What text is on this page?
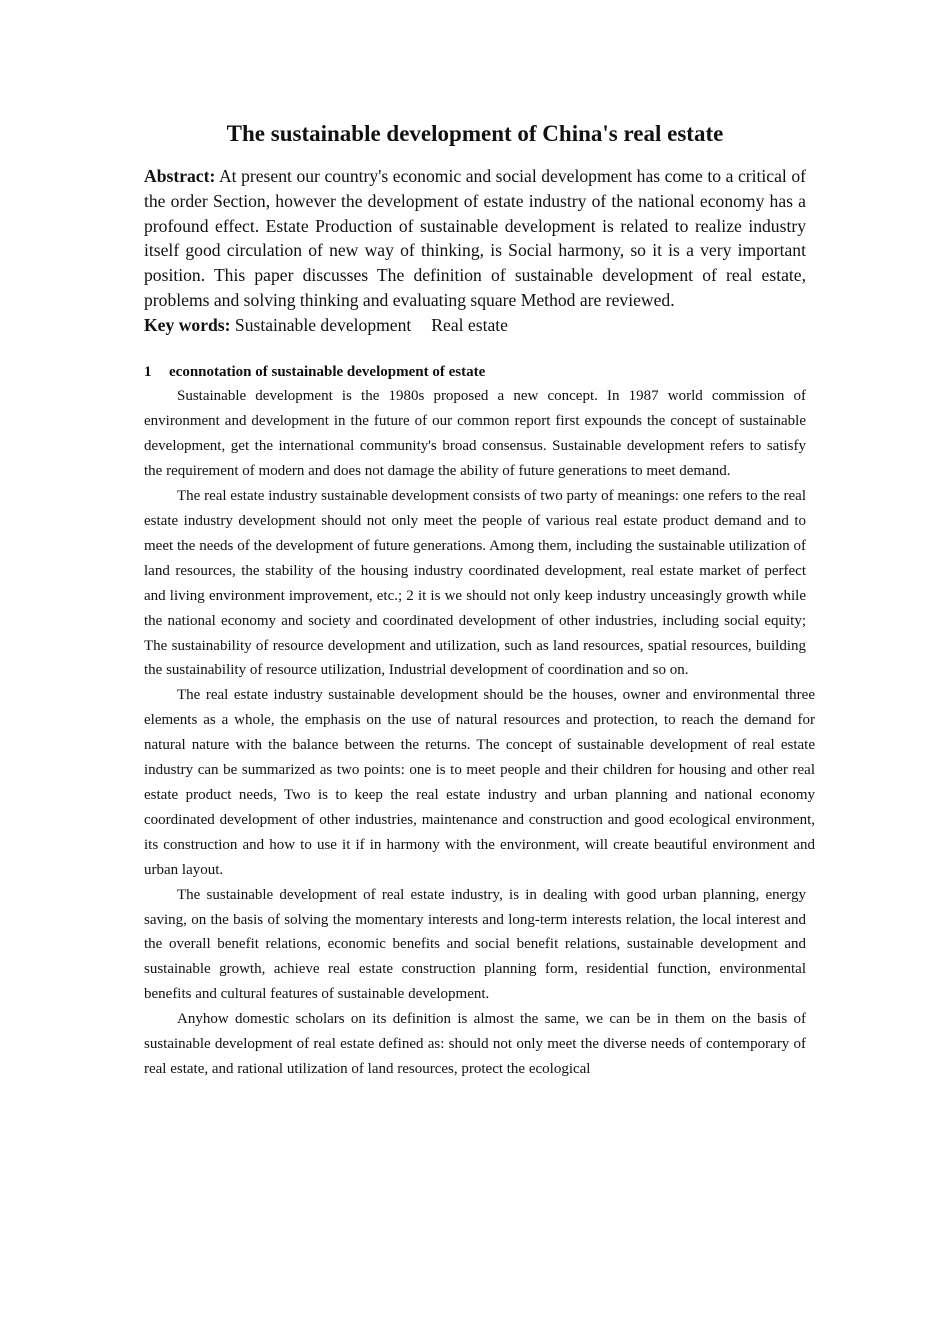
The sustainable development of China's real estate

Abstract: At present our country's economic and social development has come to a critical of the order Section, however the development of estate industry of the national economy has a profound effect. Estate Production of sustainable development is related to realize industry itself good circulation of new way of thinking, is Social harmony, so it is a very important position. This paper discusses The definition of sustainable development of real estate, problems and solving thinking and evaluating square Method are reviewed.

Key words: Sustainable development Real estate

1 econnotation of sustainable development of estate

Sustainable development is the 1980s proposed a new concept. In 1987 world commission of environment and development in the future of our common report first expounds the concept of sustainable development, get the international community's broad consensus. Sustainable development refers to satisfy the requirement of modern and does not damage the ability of future generations to meet demand.

The real estate industry sustainable development consists of two party of meanings: one refers to the real estate industry development should not only meet the people of various real estate product demand and to meet the needs of the development of future generations. Among them, including the sustainable utilization of land resources, the stability of the housing industry coordinated development, real estate market of perfect and living environment improvement, etc.; 2 it is we should not only keep industry unceasingly growth while the national economy and society and coordinated development of other industries, including social equity; The sustainability of resource development and utilization, such as land resources, spatial resources, building the sustainability of resource utilization, Industrial development of coordination and so on.

The real estate industry sustainable development should be the houses, owner and environmental three elements as a whole, the emphasis on the use of natural resources and protection, to reach the demand for natural nature with the balance between the returns. The concept of sustainable development of real estate industry can be summarized as two points: one is to meet people and their children for housing and other real estate product needs, Two is to keep the real estate industry and urban planning and national economy coordinated development of other industries, maintenance and construction and good ecological environment, its construction and how to use it if in harmony with the environment, will create beautiful environment and urban layout.

The sustainable development of real estate industry, is in dealing with good urban planning, energy saving, on the basis of solving the momentary interests and long-term interests relation, the local interest and the overall benefit relations, economic benefits and social benefit relations, sustainable development and sustainable growth, achieve real estate construction planning form, residential function, environmental benefits and cultural features of sustainable development.

Anyhow domestic scholars on its definition is almost the same, we can be in them on the basis of sustainable development of real estate defined as: should not only meet the diverse needs of contemporary of real estate, and rational utilization of land resources, protect the ecological
